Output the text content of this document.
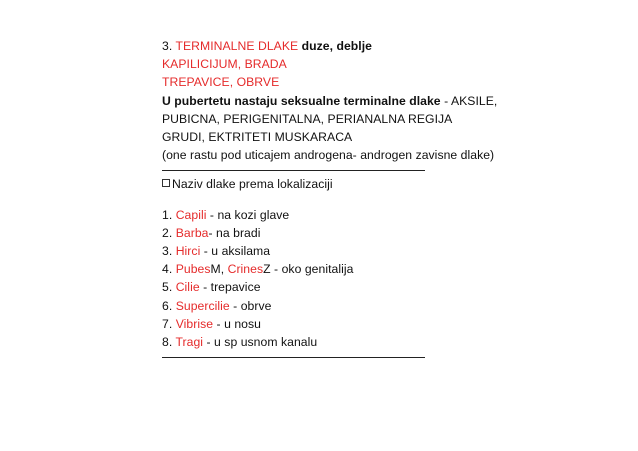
3. TERMINALNE DLAKE duze, deblje
KAPILICIJUM, BRADA
TREPAVICE, OBRVE
U pubertetu nastaju seksualne terminalne dlake - AKSILE,
PUBICNA, PERIGENITALNA, PERIANALNA REGIJA
GRUDI, EKTRITETI MUSKARACA
(one rastu pod uticajem androgena- androgen zavisne dlake)
Naziv dlake prema lokalizaciji
1. Capili - na kozi glave
2. Barba- na bradi
3. Hirci - u aksilama
4. PubesM, CrinesZ - oko genitalija
5. Cilie - trepavice
6. Supercilie - obrve
7. Vibrise - u nosu
8. Tragi - u sp usnom kanalu
